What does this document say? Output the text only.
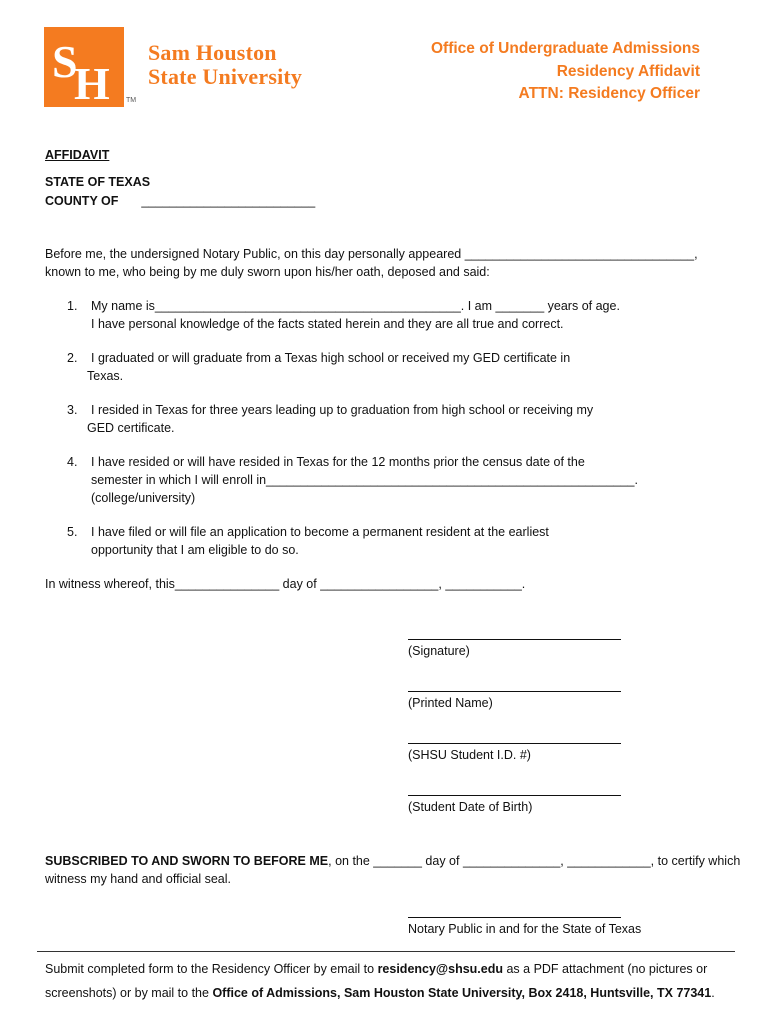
S
H TM
Sam Houston
State University
Office of Undergraduate Admissions
Residency Affidavit
ATTN: Residency Officer
AFFIDAVIT
STATE OF TEXAS
COUNTY OF _________________________
Before me, the undersigned Notary Public, on this day personally appeared _________________________________,
known to me, who being by me duly sworn upon his/her oath, deposed and said:
1. My name is____________________________________________. I am _______ years of age.
I have personal knowledge of the facts stated herein and they are all true and correct.
2. I graduated or will graduate from a Texas high school or received my GED certificate in
Texas.
3. I resided in Texas for three years leading up to graduation from high school or receiving my
GED certificate.
4. I have resided or will have resided in Texas for the 12 months prior the census date of the
semester in which I will enroll in_____________________________________________________.
(college/university)
5. I have filed or will file an application to become a permanent resident at the earliest
opportunity that I am eligible to do so.
In witness whereof, this_______________ day of _________________, ___________.
(Signature)
(Printed Name)
(SHSU Student I.D. #)
(Student Date of Birth)
SUBSCRIBED TO AND SWORN TO BEFORE ME, on the _______ day of ______________, ____________, to certify which
witness my hand and official seal.
Notary Public in and for the State of Texas
Submit completed form to the Residency Officer by email to residency@shsu.edu as a PDF attachment (no pictures or
screenshots) or by mail to the Office of Admissions, Sam Houston State University, Box 2418, Huntsville, TX 77341.
